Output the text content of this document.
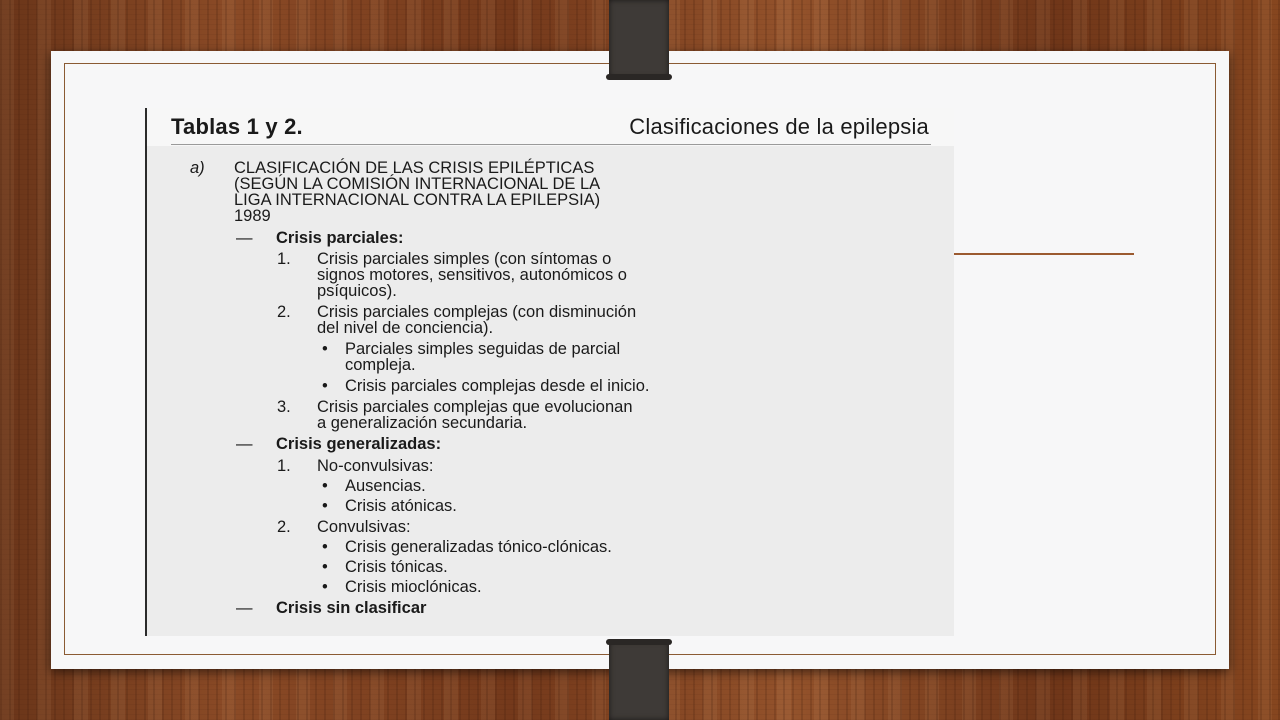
Tablas 1 y 2.	Clasificaciones de la epilepsia
a) CLASIFICACIÓN DE LAS CRISIS EPILÉPTICAS
(SEGÚN LA COMISIÓN INTERNACIONAL DE LA
LIGA INTERNACIONAL CONTRA LA EPILEPSIA)
1989
— Crisis parciales:
1. Crisis parciales simples (con síntomas o
signos motores, sensitivos, autonómicos o
psíquicos).
2. Crisis parciales complejas (con disminución
del nivel de conciencia).
• Parciales simples seguidas de parcial
compleja.
• Crisis parciales complejas desde el inicio.
3. Crisis parciales complejas que evolucionan
a generalización secundaria.
— Crisis generalizadas:
1. No-convulsivas:
• Ausencias.
• Crisis atónicas.
2. Convulsivas:
• Crisis generalizadas tónico-clónicas.
• Crisis tónicas.
• Crisis mioclónicas.
— Crisis sin clasificar
